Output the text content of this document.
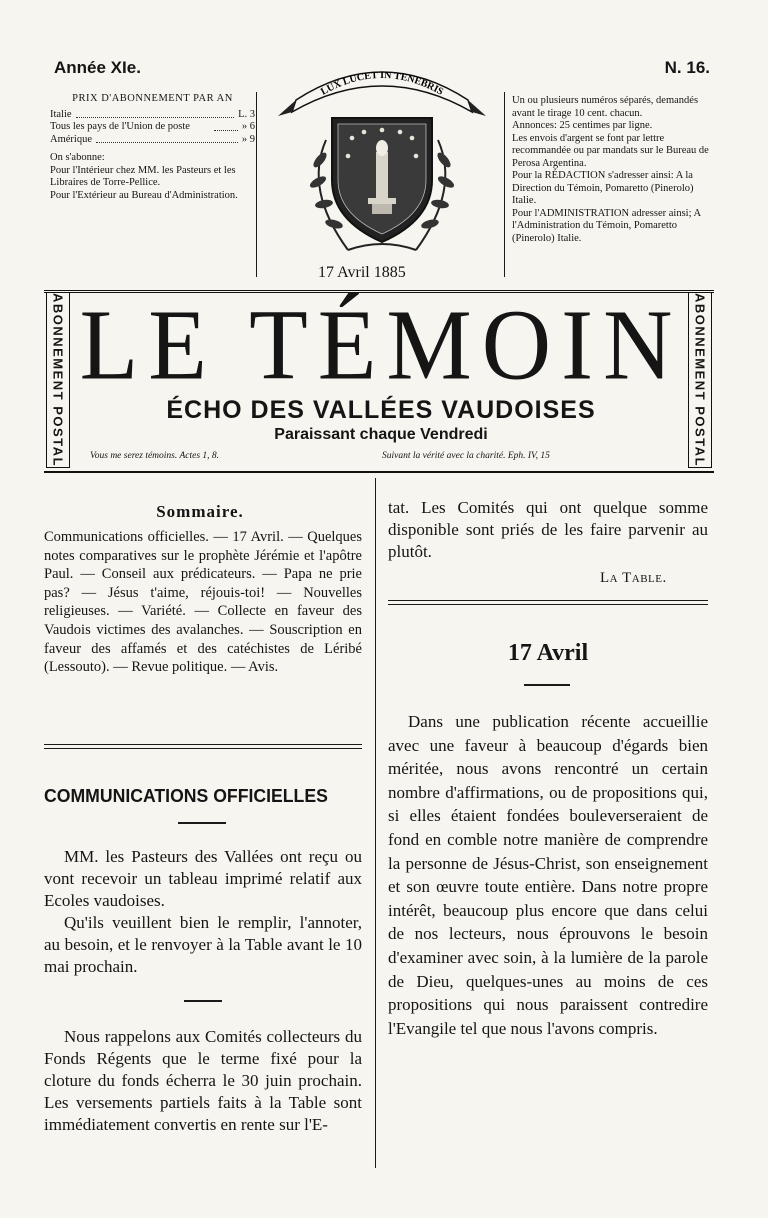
Année XIe.	N. 16.
PRIX D'ABONNEMENT PAR AN
Italie	L. 3
Tous les pays de l'Union de poste	» 6
Amérique	» 9
On s'abonne:
Pour l'Intérieur chez MM. les Pasteurs et les Libraires de Torre-Pellice.
Pour l'Extérieur au Bureau d'Administration.
LUX LUCET IN TENEBRIS
17 Avril 1885

Un ou plusieurs numéros séparés, demandés avant le tirage 10 cent. chacun.

Annonces: 25 centimes par ligne.

Les envois d'argent se font par lettre recommandée ou par mandats sur le Bureau de Perosa Argentina.

Pour la RÉDACTION s'adresser ainsi: A la Direction du Témoin, Pomaretto (Pinerolo) Italie.

Pour l'ADMINISTRATION adresser ainsi; A l'Administration du Témoin, Pomaretto (Pinerolo) Italie.

ABONNEMENT POSTAL	ABONNEMENT POSTAL
LE TÉMOIN
ÉCHO DES VALLÉES VAUDOISES
Paraissant chaque Vendredi
Vous me serez témoins. Actes 1, 8.	Suivant la vérité avec la charité. Eph. IV, 15
Sommaire.
Communications officielles. — 17 Avril. — Quelques notes comparatives sur le prophète Jérémie et l'apôtre Paul. — Conseil aux prédicateurs. — Papa ne prie pas? — Jésus t'aime, réjouis-toi! — Nouvelles religieuses. — Variété. — Collecte en faveur des Vaudois victimes des avalanches. — Souscription en faveur des affamés et des catéchistes de Léribé (Lessouto). — Revue politique. — Avis.
COMMUNICATIONS OFFICIELLES
MM. les Pasteurs des Vallées ont reçu ou vont recevoir un tableau imprimé relatif aux Ecoles vaudoises.
Qu'ils veuillent bien le remplir, l'annoter, au besoin, et le renvoyer à la Table avant le 10 mai prochain.
Nous rappelons aux Comités collecteurs du Fonds Régents que le terme fixé pour la cloture du fonds écherra le 30 juin prochain. Les versements partiels faits à la Table sont immédiatement convertis en rente sur l'E-
tat. Les Comités qui ont quelque somme disponible sont priés de les faire parvenir au plutôt.
La Table.
17 Avril
Dans une publication récente accueillie avec une faveur à beaucoup d'égards bien méritée, nous avons rencontré un certain nombre d'affirmations, ou de propositions qui, si elles étaient fondées bouleverseraient de fond en comble notre manière de comprendre la personne de Jésus-Christ, son enseignement et son œuvre toute entière. Dans notre propre intérêt, beaucoup plus encore que dans celui de nos lecteurs, nous éprouvons le besoin d'examiner avec soin, à la lumière de la parole de Dieu, quelques-unes au moins de ces propositions qui nous paraissent contredire l'Evangile tel que nous l'avons compris.
